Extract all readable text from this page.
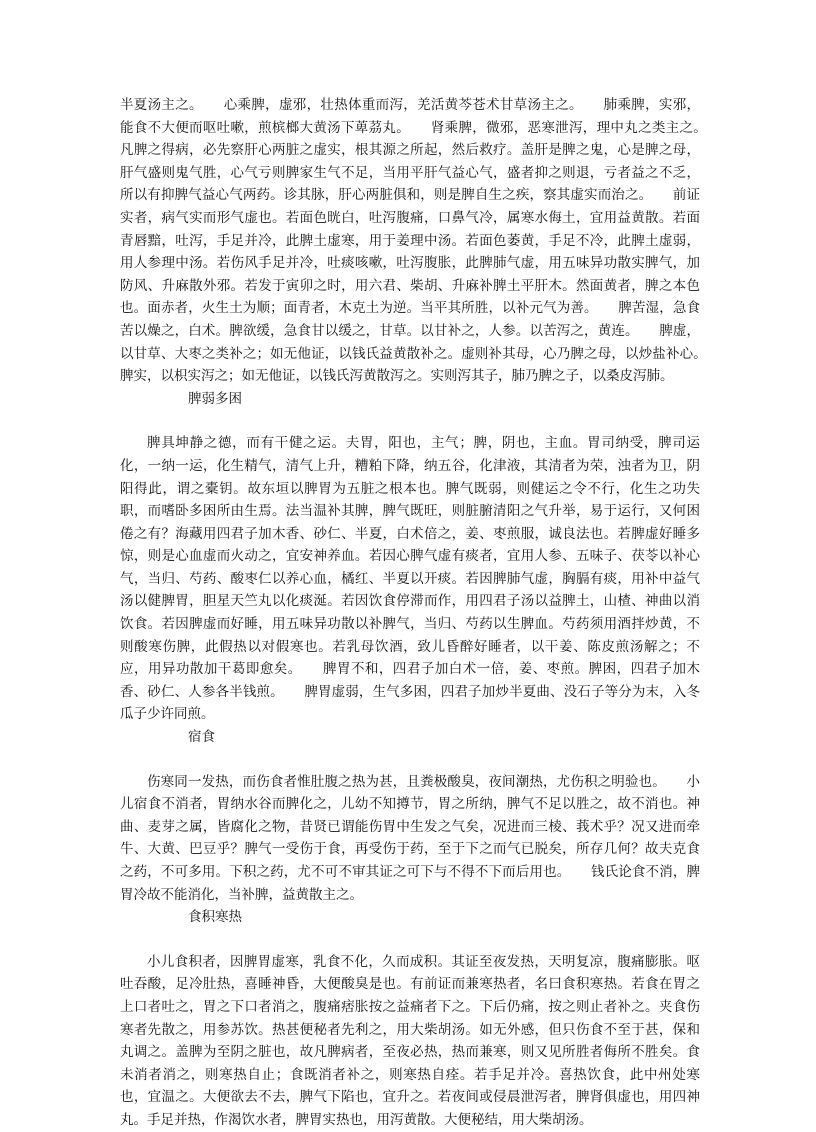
半夏汤主之。　　心乘脾，虚邪，壮热体重而泻，羌活黄芩苍术甘草汤主之。　　肺乘脾，实邪，能食不大便而呕吐嗽，煎槟榔大黄汤下萆茘丸。　　肾乘脾，微邪，恶寒泄泻，理中丸之类主之。　　凡脾之得病，必先察肝心两脏之虚实，根其源之所起，然后救疗。盖肝是脾之鬼，心是脾之母，肝气盛则鬼气胜，心气亏则脾家生气不足，当用平肝气益心气，盛者抑之则退，亏者益之不乏，所以有抑脾气益心气两药。诊其脉，肝心两脏俱和，则是脾自生之疾，察其虚实而治之。　　前证实者，病气实而形气虚也。若面色晄白，吐泻腹痛，口鼻气冷，属寒水侮土，宜用益黄散。若面青唇黯，吐泻，手足并冷，此脾土虚寒，用于姜理中汤。若面色萎黄，手足不冷，此脾土虚弱，用人参理中汤。若伤风手足并冷，吐痰咳嗽，吐泻腹胀，此脾肺气虚，用五味异功散实脾气，加防风、升麻散外邪。若发于寅卯之时，用六君、柴胡、升麻补脾土平肝木。然面黄者，脾之本色也。面赤者，火生土为顺；面青者，木克土为逆。当平其所胜，以补元气为善。　　脾苦湿，急食苦以燥之，白术。脾欲缓，急食甘以缓之，甘草。以甘补之，人参。以苦泻之，黄连。　　脾虚，以甘草、大枣之类补之；如无他证，以钱氏益黄散补之。虚则补其母，心乃脾之母，以炒盐补心。　　脾实，以枳实泻之；如无他证，以钱氏泻黄散泻之。实则泻其子，肺乃脾之子，以桑皮泻肺。

脾弱多困

脾具坤静之德，而有干健之运。夫胃，阳也，主气；脾，阴也，主血。胃司纳受，脾司运化，一纳一运，化生精气，清气上升，糟粕下降，纳五谷，化津液，其清者为荣，浊者为卫，阴阳得此，谓之橐钥。故东垣以脾胃为五脏之根本也。脾气既弱，则健运之令不行，化生之功失职，而嗜卧多困所由生焉。法当温补其脾，脾气既旺，则脏腑清阳之气升举，易于运行，又何困倦之有？海藏用四君子加木香、砂仁、半夏，白术倍之，姜、枣煎服，诚良法也。若脾虚好睡多惊，则是心血虚而火动之，宜安神养血。若因心脾气虚有痰者，宜用人参、五味子、茯苓以补心气，当归、芍药、酸枣仁以养心血，橘红、半夏以开痰。若因脾肺气虚，胸膈有痰，用补中益气汤以健脾胃，胆星天竺丸以化痰涎。若因饮食停滞而作，用四君子汤以益脾土，山楂、神曲以消饮食。若因脾虚而好睡，用五味异功散以补脾气，当归、芍药以生脾血。芍药须用酒拌炒黄，不则酸寒伤脾，此假热以对假寒也。若乳母饮酒，致儿昏醉好睡者，以干姜、陈皮煎汤解之；不应，用异功散加干葛即愈矣。　　脾胃不和，四君子加白术一倍，姜、枣煎。脾困，四君子加木香、砂仁、人参各半钱煎。　　脾胃虚弱，生气多困，四君子加炒半夏曲、没石子等分为末，入冬瓜子少许同煎。

宿食

伤寒同一发热，而伤食者惟肚腹之热为甚，且粪极酸臭，夜间潮热，尤伤积之明验也。　　小儿宿食不消者，胃纳水谷而脾化之，儿幼不知撙节，胃之所纳，脾气不足以胜之，故不消也。神曲、麦芽之属，皆腐化之物，昔贤已谓能伤胃中生发之气矣，况进而三棱、莪术乎？况又进而牵牛、大黄、巴豆乎？脾气一受伤于食，再受伤于药，至于下之而气已脱矣，所存几何？故夫克食之药，不可多用。下积之药，尤不可不审其证之可下与不得不下而后用也。　　钱氏论食不消，脾胃冷故不能消化，当补脾，益黄散主之。

食积寒热

小儿食积者，因脾胃虚寒，乳食不化，久而成积。其证至夜发热，天明复凉，腹痛膨胀。呕吐吞酸，足冷肚热，喜睡神昏，大便酸臭是也。有前证而兼寒热者，名曰食积寒热。若食在胃之上口者吐之，胃之下口者消之，腹痛痞胀按之益痛者下之。下后仍痛，按之则止者补之。夹食伤寒者先散之，用参苏饮。热甚便秘者先利之，用大柴胡汤。如无外感，但只伤食不至于甚，保和丸调之。盖脾为至阴之脏也，故凡脾病者，至夜必热，热而兼寒，则又见所胜者侮所不胜矣。食未消者消之，则寒热自止；食既消者补之，则寒热自痊。若手足并冷。喜热饮食，此中州处寒也，宜温之。大便欲去不去，脾气下陷也，宜升之。若夜间或侵晨泄泻者，脾肾俱虚也，用四神丸。手足并热，作渴饮水者，脾胃实热也，用泻黄散。大便秘结，用大柴胡汤。
